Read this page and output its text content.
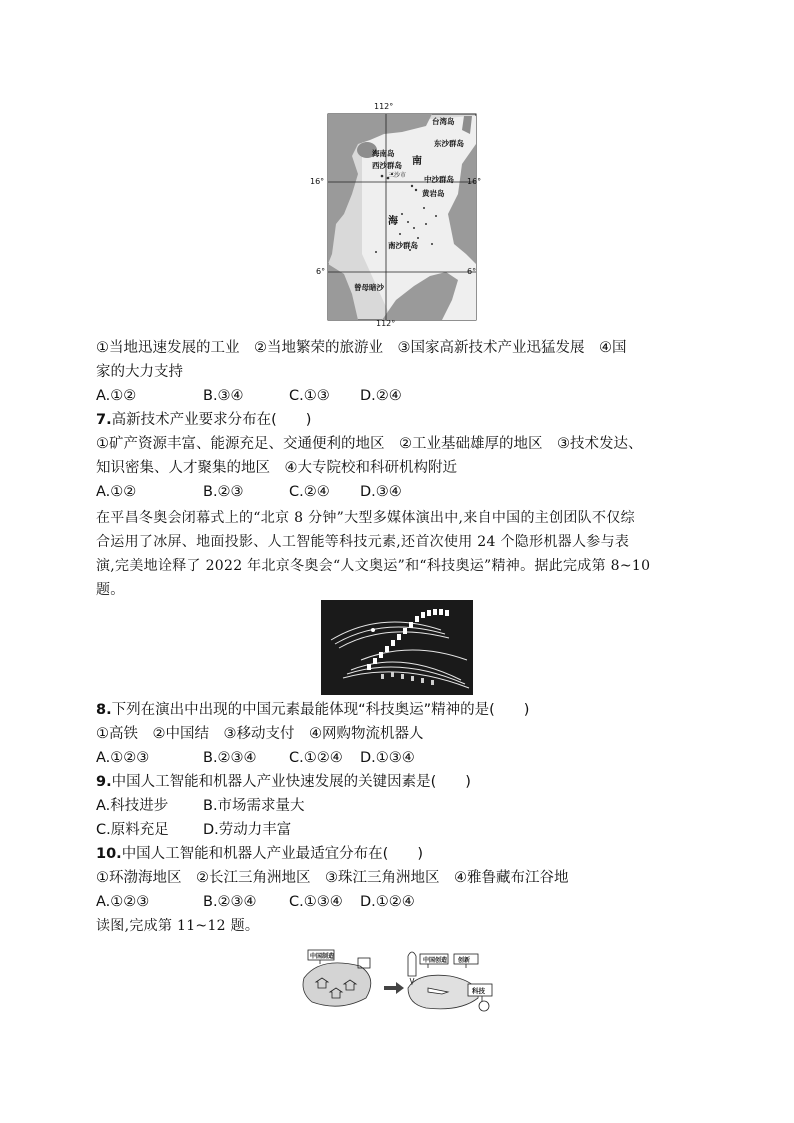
112°
112°
16°	16°
6°	6°
台湾岛
东沙群岛
海南岛
南
西沙群岛
三沙市 中沙群岛
黄岩岛
海
南沙群岛
曾母暗沙
①当地迅速发展的工业　②当地繁荣的旅游业　③国家高新技术产业迅猛发展　④国
家的大力支持
A.①②	B.③④	C.①③ D.②④
7.高新技术产业要求分布在(　　)
①矿产资源丰富、能源充足、交通便利的地区　②工业基础雄厚的地区　③技术发达、
知识密集、人才聚集的地区　④大专院校和科研机构附近
A.①②	B.②③	C.②④ D.③④
在平昌冬奥会闭幕式上的“北京 8 分钟”大型多媒体演出中,来自中国的主创团队不仅综
合运用了冰屏、地面投影、人工智能等科技元素,还首次使用 24 个隐形机器人参与表
演,完美地诠释了 2022 年北京冬奥会“人文奥运”和“科技奥运”精神。据此完成第 8~10
题。
8.下列在演出中出现的中国元素最能体现“科技奥运”精神的是(　　)
①高铁　②中国结　③移动支付　④网购物流机器人
A.①②③	B.②③④ C.①②④ D.①③④
9.中国人工智能和机器人产业快速发展的关键因素是(　　)
A.科技进步 B.市场需求量大
C.原料充足 D.劳动力丰富
10.中国人工智能和机器人产业最适宜分布在(　　)
①环渤海地区　②长江三角洲地区　③珠江三角洲地区　④雅鲁藏布江谷地
A.①②③	B.②③④ C.①③④ D.①②④
读图,完成第 11~12 题。
中国制造
中国创造 创新
科技
